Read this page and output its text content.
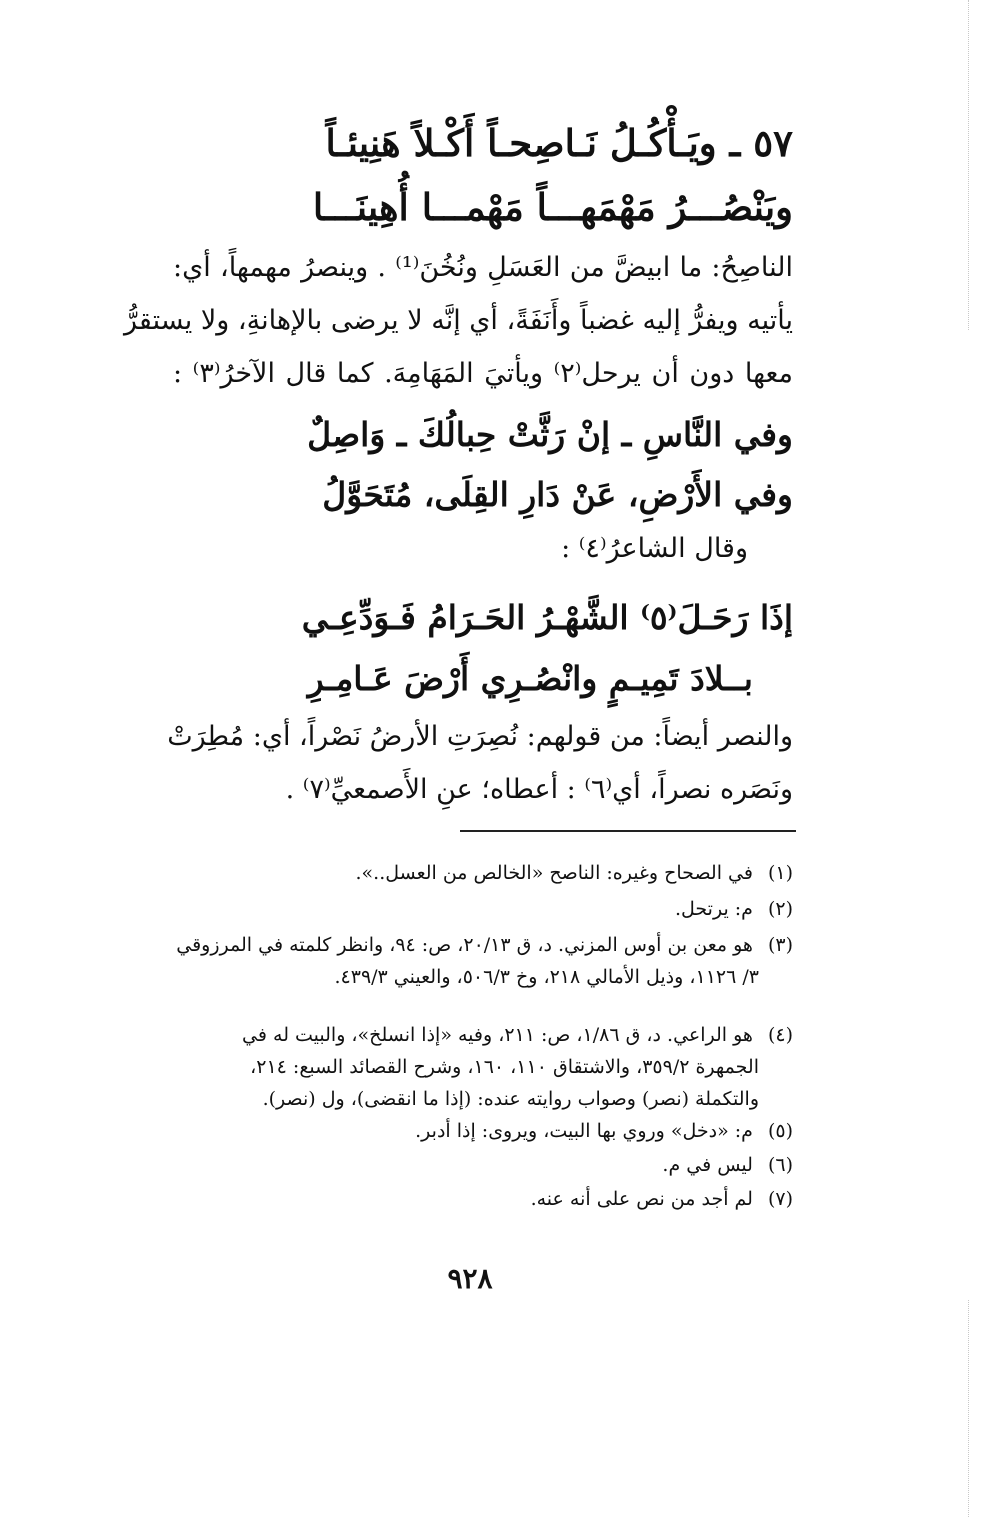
٥٧ ـ ويَـأْكُـلُ نَـاصِحـاً أَكْـلاً هَنِيئـاً
ويَنْصُـــرُ مَهْمَهـــاً مَهْمـــا أُهِينَـــا
الناصِحُ: ما ابيضَّ من العَسَلِ ونُخُنَ⁽¹⁾ . وينصرُ مهمهاً، أي:
يأتيه ويفرُّ إليه غضباً وأَنَفَةً، أي إنَّه لا يرضى بالإهانةِ، ولا يستقرُّ
معها دون أن يرحل⁽٢⁾ ويأتيَ المَهَامِهَ. كما قال الآخرُ⁽٣⁾ :
وفي النَّاسِ ـ إنْ رَثَّتْ حِبالُكَ ـ وَاصِلٌ
وفي الأَرْضِ، عَنْ دَارِ القِلَى، مُتَحَوَّلُ
وقال الشاعرُ⁽٤⁾ :
إذَا رَحَـلَ⁽٥⁾ الشَّهْـرُ الحَـرَامُ فَـوَدِّعِـي
بــلادَ تَمِيـمٍ وانْصُـرِي أَرْضَ عَـامِـرِ
والنصر أيضاً: من قولهم: نُصِرَتِ الأرضُ نَصْراً، أي: مُطِرَتْ
ونَصَره نصراً، أي⁽٦⁾ : أعطاه؛ عنِ الأَصمعيِّ⁽٧⁾ .
(١) في الصحاح وغيره: الناصح «الخالص من العسل..».
(٢) م: يرتحل.
(٣) هو معن بن أوس المزني. د، ق ٢٠/١٣، ص: ٩٤، وانظر كلمته في المرزوقي
٣/ ١١٢٦، وذيل الأمالي ٢١٨، وخ ٥٠٦/٣، والعيني ٤٣٩/٣.
(٤) هو الراعي. د، ق ١/٨٦، ص: ٢١١، وفيه «إذا انسلخ»، والبيت له في
الجمهرة ٣٥٩/٢، والاشتقاق ١١٠، ١٦٠، وشرح القصائد السبع: ٢١٤،
والتكملة (نصر) وصواب روايته عنده: (إذا ما انقضى)، ول (نصر).
(٥) م: «دخل» وروي بها البيت، ويروى: إذا أدبر.
(٦) ليس في م.
(٧) لم أجد من نص على أنه عنه.
٩٢٨
